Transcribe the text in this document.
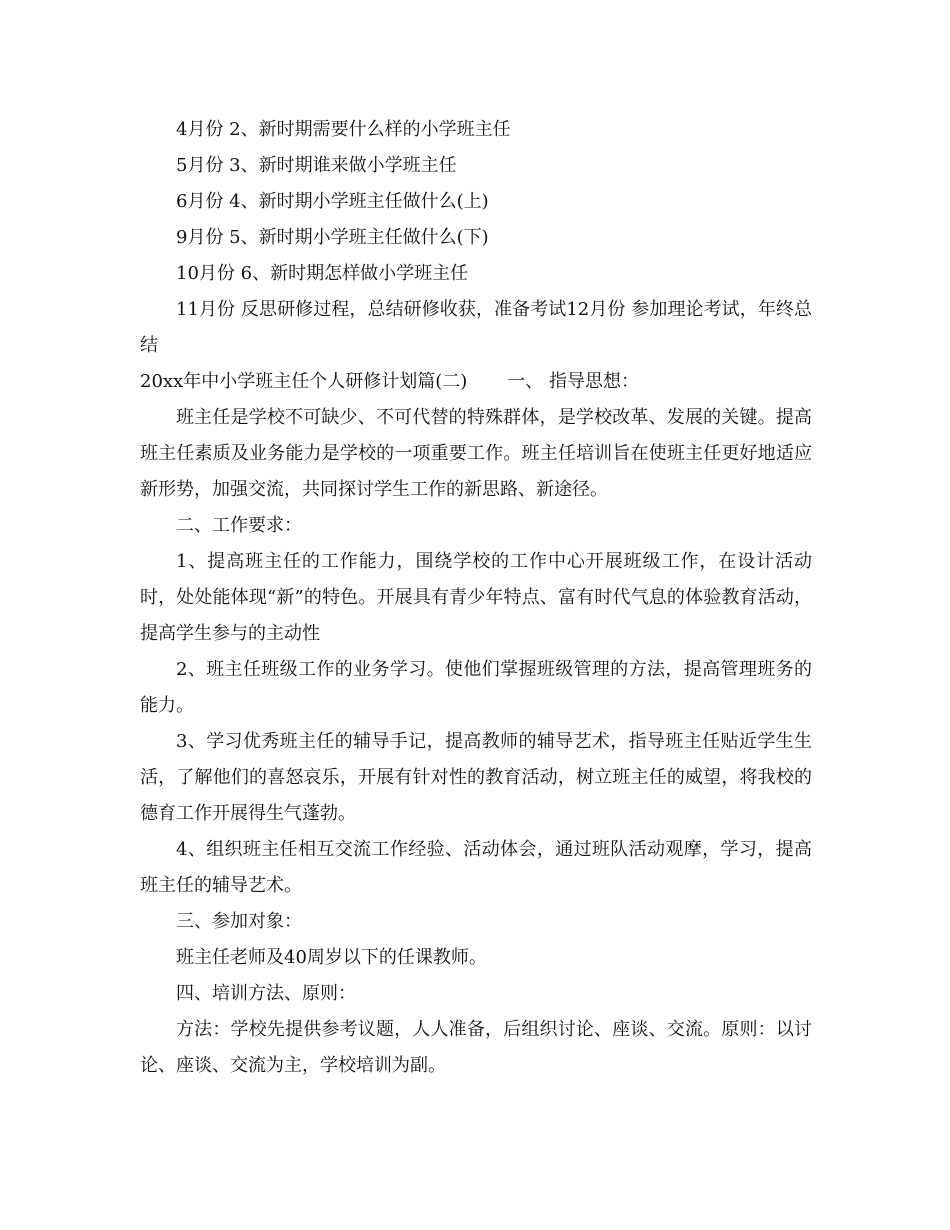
4月份 2、新时期需要什么样的小学班主任

5月份 3、新时期谁来做小学班主任

6月份 4、新时期小学班主任做什么(上)

9月份 5、新时期小学班主任做什么(下)

10月份 6、新时期怎样做小学班主任

11月份 反思研修过程，总结研修收获，准备考试12月份 参加理论考试，年终总结

20xx年中小学班主任个人研修计划篇(二) 一、 指导思想：

班主任是学校不可缺少、不可代替的特殊群体，是学校改革、发展的关键。提高班主任素质及业务能力是学校的一项重要工作。班主任培训旨在使班主任更好地适应新形势，加强交流，共同探讨学生工作的新思路、新途径。

二、工作要求：

1、提高班主任的工作能力，围绕学校的工作中心开展班级工作，在设计活动时，处处能体现“新”的特色。开展具有青少年特点、富有时代气息的体验教育活动，提高学生参与的主动性

2、班主任班级工作的业务学习。使他们掌握班级管理的方法，提高管理班务的能力。

3、学习优秀班主任的辅导手记，提高教师的辅导艺术，指导班主任贴近学生生活，了解他们的喜怒哀乐，开展有针对性的教育活动，树立班主任的威望，将我校的德育工作开展得生气蓬勃。

4、组织班主任相互交流工作经验、活动体会，通过班队活动观摩，学习，提高班主任的辅导艺术。

三、参加对象：

班主任老师及40周岁以下的任课教师。

四、培训方法、原则：

方法：学校先提供参考议题，人人准备，后组织讨论、座谈、交流。原则：以讨论、座谈、交流为主，学校培训为副。
